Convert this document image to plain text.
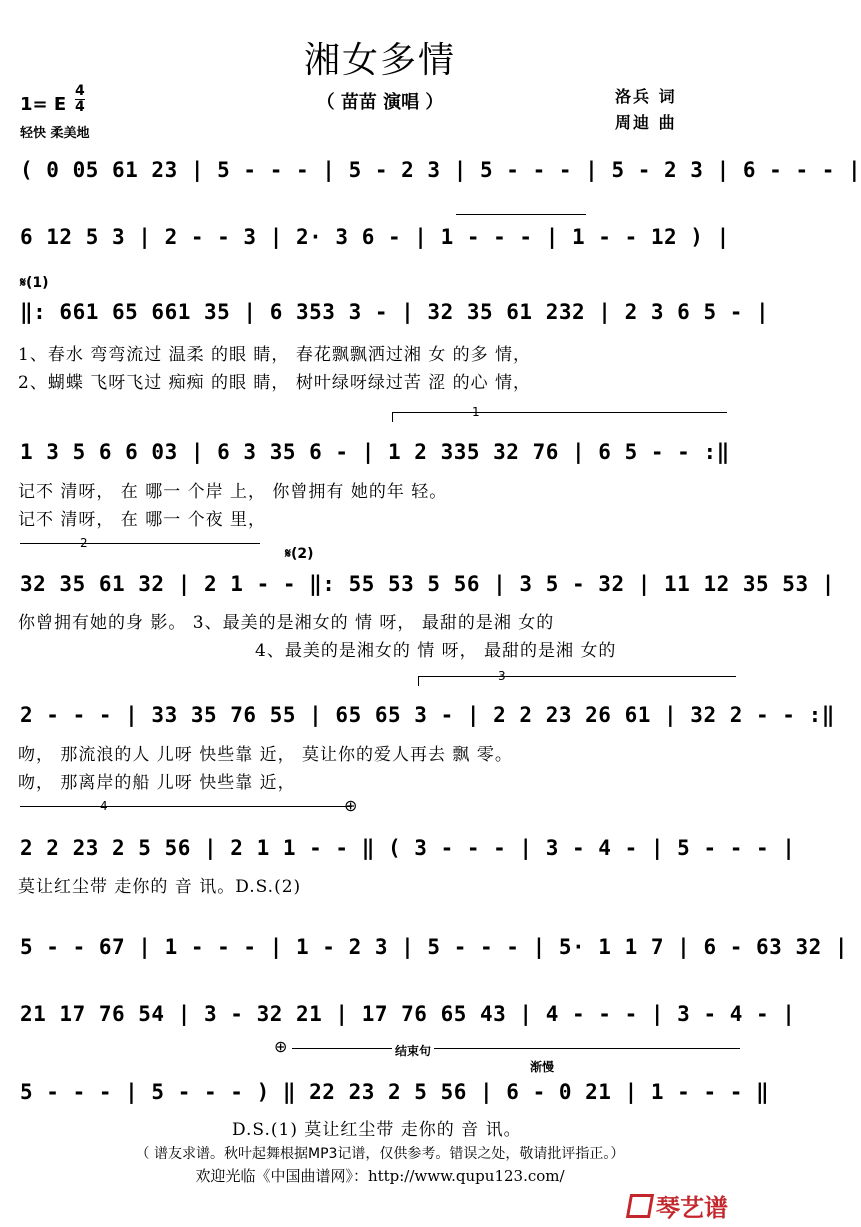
湘女多情
（ 苗苗 演唱 ）
1= E
4
4
轻快 柔美地
洛兵 词
周迪 曲
( 0 05 61 23 | 5 - - - | 5 - 2 3 | 5 - - - | 5 - 2 3 | 6 - - - |
6 12 5 3 | 2 - - 3 | 2· 3 6 - | 1 - - - | 1 - - 12 ) |
𝄋(1)
‖: 661 65 661 35 | 6 353 3 - | 32 35 61 232 | 2 3 6 5 - |
1、春水 弯弯流过 温柔 的眼 睛， 春花飘飘洒过湘 女 的多 情，
2、蝴蝶 飞呀飞过 痴痴 的眼 睛， 树叶绿呀绿过苦 涩 的心 情，
1
1 3 5 6 6 03 | 6 3 35 6 - | 1 2 335 32 76 | 6 5 - - :‖
记不 清呀， 在 哪一 个岸 上， 你曾拥有 她的年 轻。
记不 清呀， 在 哪一 个夜 里，
2
𝄋(2)
32 35 61 32 | 2 1 - - ‖: 55 53 5 56 | 3 5 - 32 | 11 12 35 53 |
你曾拥有她的身 影。 3、最美的是湘女的 情 呀， 最甜的是湘 女的
4、最美的是湘女的 情 呀， 最甜的是湘 女的
3
2 - - - | 33 35 76 55 | 65 65 3 - | 2 2 23 26 61 | 32 2 - - :‖
吻， 那流浪的人 儿呀 快些靠 近， 莫让你的爱人再去 飘 零。
吻， 那离岸的船 儿呀 快些靠 近，
4	⊕
2 2 23 2 5 56 | 2 1 1 - - ‖ ( 3 - - - | 3 - 4 - | 5 - - - |
莫让红尘带 走你的 音 讯。D.S.(2)
5 - - 67 | 1 - - - | 1 - 2 3 | 5 - - - | 5· 1 1 7 | 6 - 63 32 |
21 17 76 54 | 3 - 32 21 | 17 76 65 43 | 4 - - - | 3 - 4 - |
⊕	结束句
渐慢
5 - - - | 5 - - - ) ‖ 22 23 2 5 56 | 6 - 0 21 | 1 - - - ‖
D.S.(1) 莫让红尘带 走你的 音 讯。
（ 谱友求谱。秋叶起舞根据MP3记谱，仅供参考。错误之处，敬请批评指正。）
欢迎光临《中国曲谱网》：http://www.qupu123.com/
琴艺谱
